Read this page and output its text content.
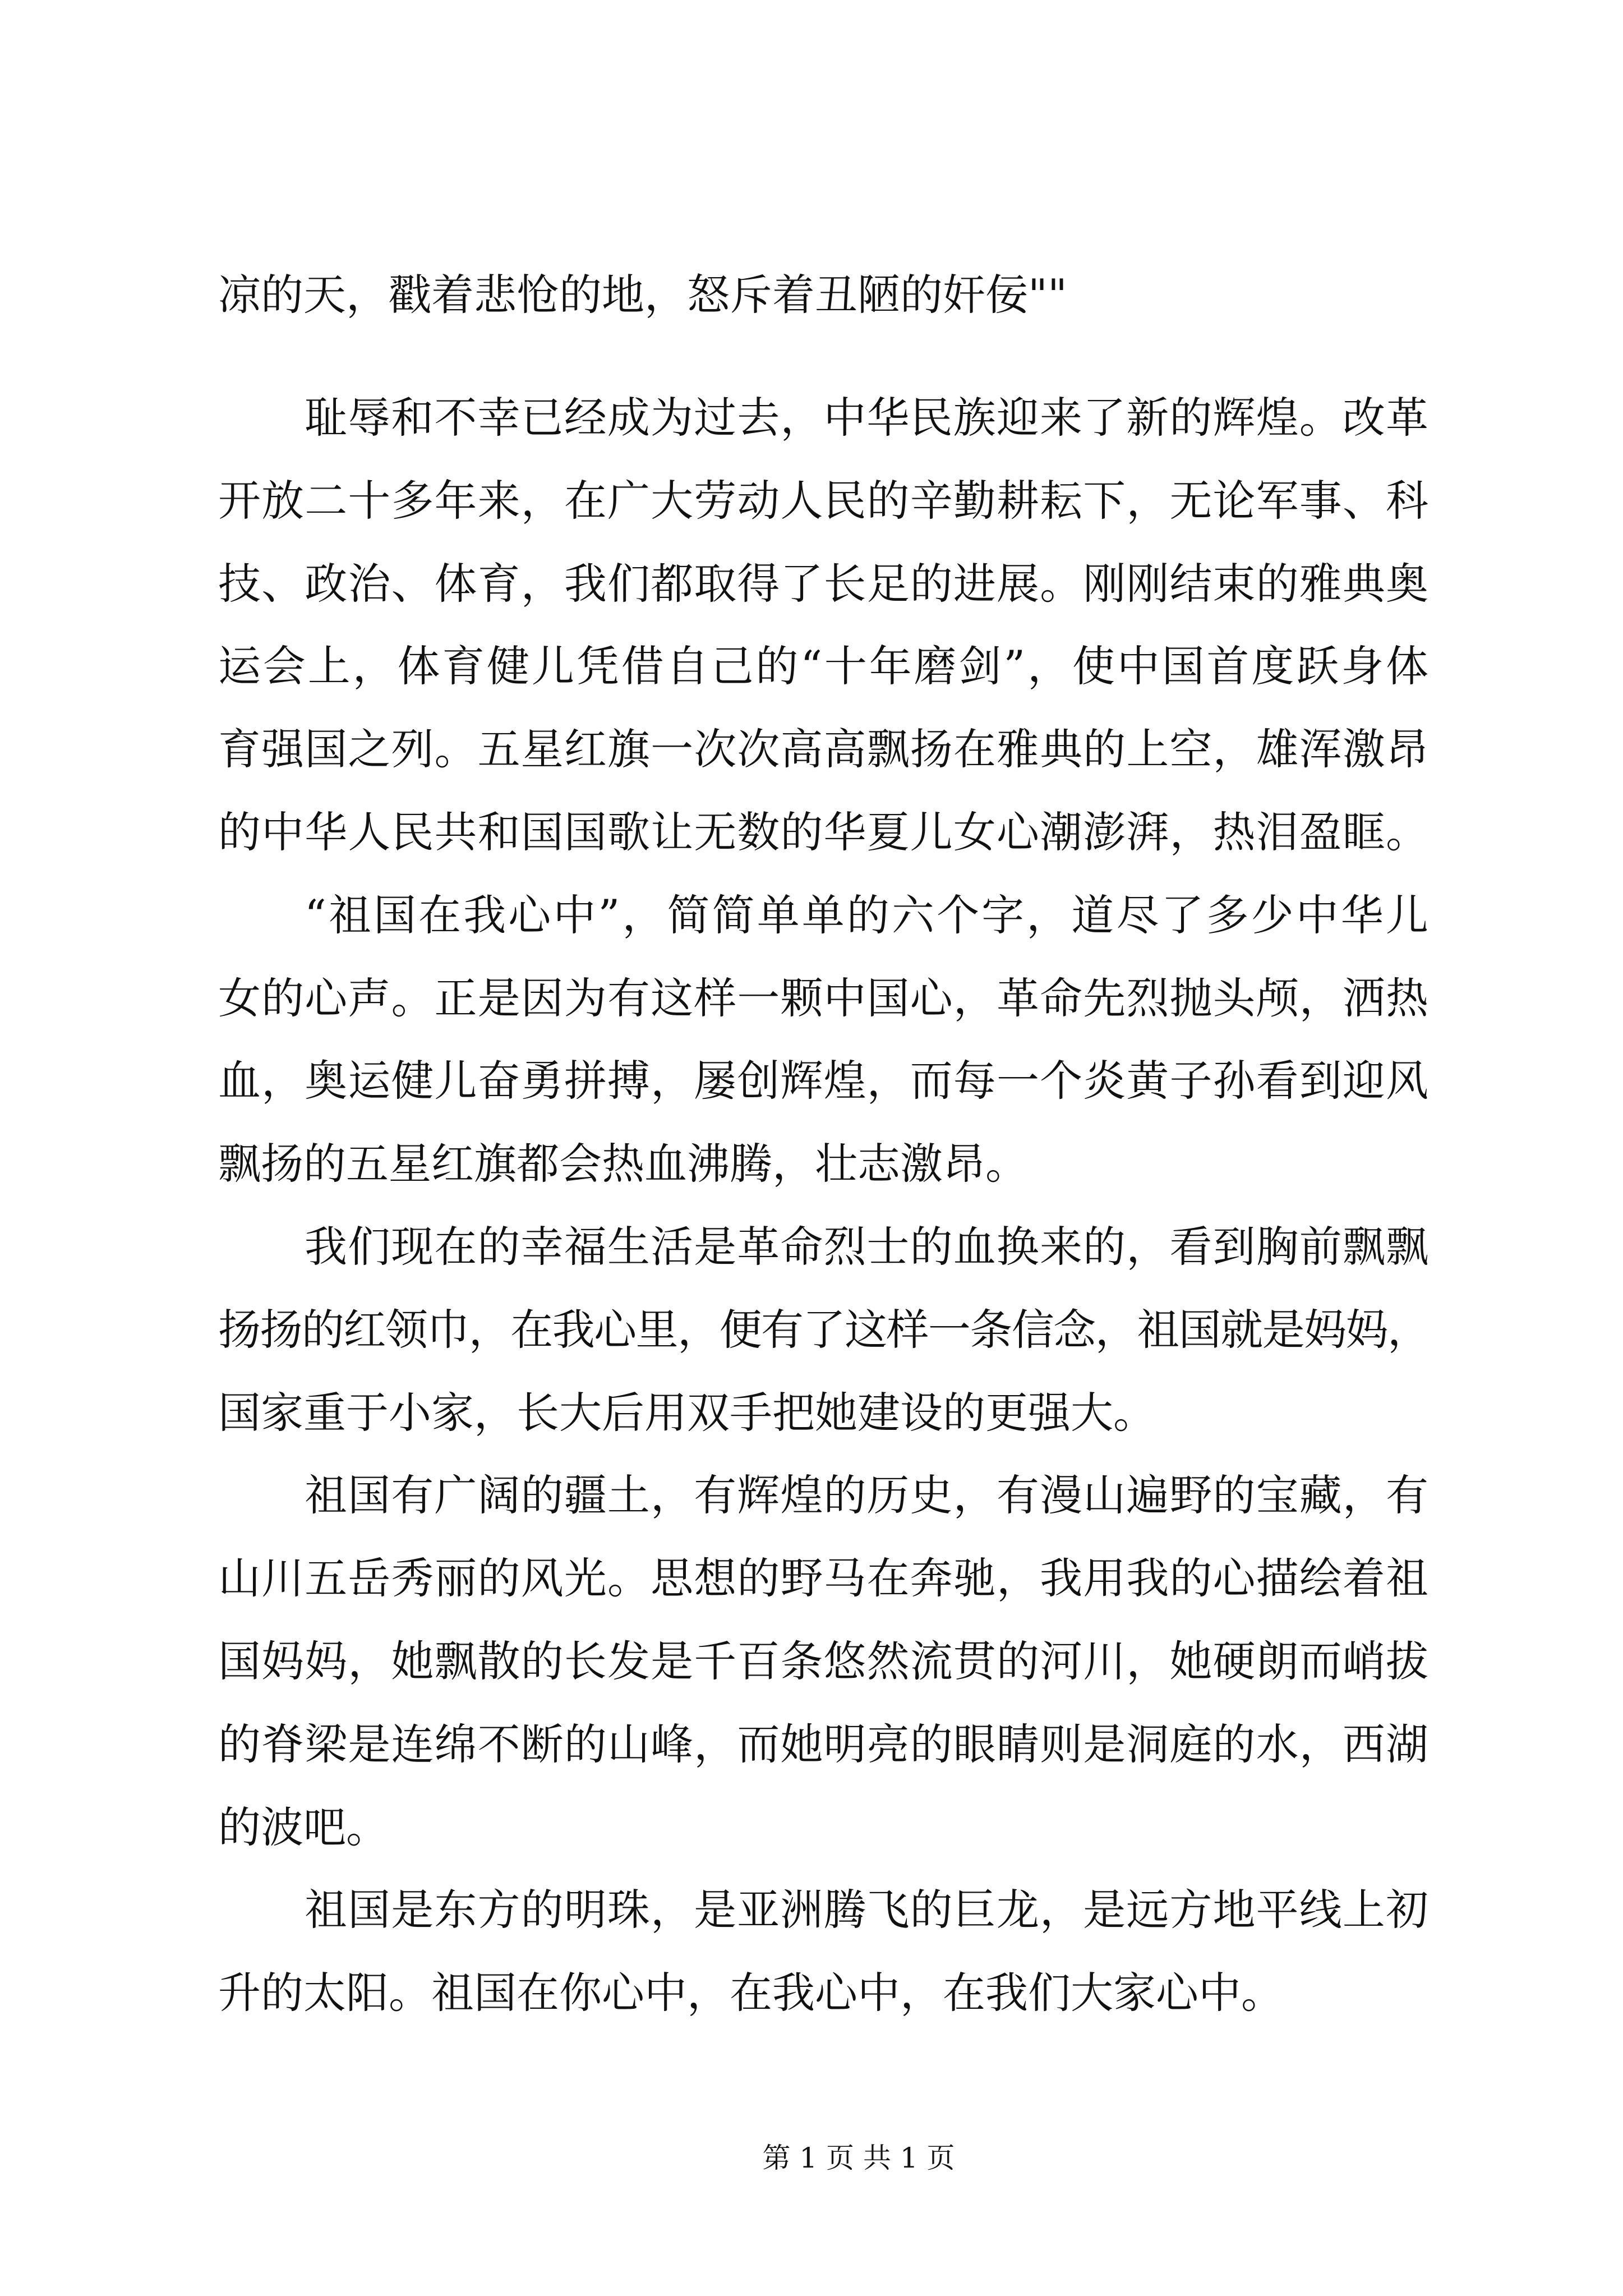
凉的天，戳着悲怆的地，怒斥着丑陋的奸佞""
耻辱和不幸已经成为过去，中华民族迎来了新的辉煌。改革
开放二十多年来，在广大劳动人民的辛勤耕耘下，无论军事、科
技、政治、体育，我们都取得了长足的进展。刚刚结束的雅典奥
运会上，体育健儿凭借自己的“十年磨剑”，使中国首度跃身体
育强国之列。五星红旗一次次高高飘扬在雅典的上空，雄浑激昂
的中华人民共和国国歌让无数的华夏儿女心潮澎湃，热泪盈眶。
“祖国在我心中”，简简单单的六个字，道尽了多少中华儿
女的心声。正是因为有这样一颗中国心，革命先烈抛头颅，洒热
血，奥运健儿奋勇拼搏，屡创辉煌，而每一个炎黄子孙看到迎风
飘扬的五星红旗都会热血沸腾，壮志激昂。
我们现在的幸福生活是革命烈士的血换来的，看到胸前飘飘
扬扬的红领巾，在我心里，便有了这样一条信念，祖国就是妈妈，
国家重于小家，长大后用双手把她建设的更强大。
祖国有广阔的疆土，有辉煌的历史，有漫山遍野的宝藏，有
山川五岳秀丽的风光。思想的野马在奔驰，我用我的心描绘着祖
国妈妈，她飘散的长发是千百条悠然流贯的河川，她硬朗而峭拔
的脊梁是连绵不断的山峰，而她明亮的眼睛则是洞庭的水，西湖
的波吧。
祖国是东方的明珠，是亚洲腾飞的巨龙，是远方地平线上初
升的太阳。祖国在你心中，在我心中，在我们大家心中。
第 1 页 共 1 页
